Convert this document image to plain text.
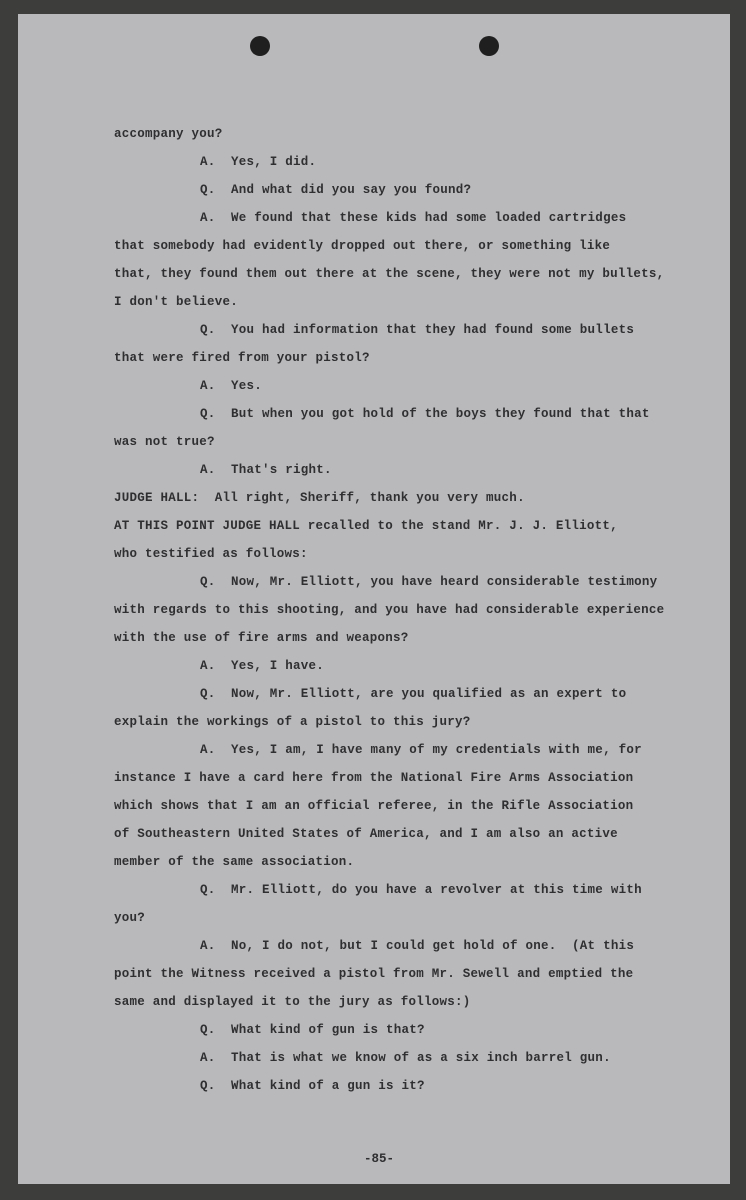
accompany you?
A.  Yes, I did.
Q.  And what did you say you found?
A.  We found that these kids had some loaded cartridges
that somebody had evidently dropped out there, or something like
that, they found them out there at the scene, they were not my bullets,
I don't believe.
Q.  You had information that they had found some bullets
that were fired from your pistol?
A.  Yes.
Q.  But when you got hold of the boys they found that that
was not true?
A.  That's right.
JUDGE HALL:  All right, Sheriff, thank you very much.
AT THIS POINT JUDGE HALL recalled to the stand Mr. J. J. Elliott,
who testified as follows:
Q.  Now, Mr. Elliott, you have heard considerable testimony
with regards to this shooting, and you have had considerable experience
with the use of fire arms and weapons?
A.  Yes, I have.
Q.  Now, Mr. Elliott, are you qualified as an expert to
explain the workings of a pistol to this jury?
A.  Yes, I am, I have many of my credentials with me, for
instance I have a card here from the National Fire Arms Association
which shows that I am an official referee, in the Rifle Association
of Southeastern United States of America, and I am also an active
member of the same association.
Q.  Mr. Elliott, do you have a revolver at this time with
you?
A.  No, I do not, but I could get hold of one.  (At this
point the Witness received a pistol from Mr. Sewell and emptied the
same and displayed it to the jury as follows:)
Q.  What kind of gun is that?
A.  That is what we know of as a six inch barrel gun.
Q.  What kind of a gun is it?
-85-
